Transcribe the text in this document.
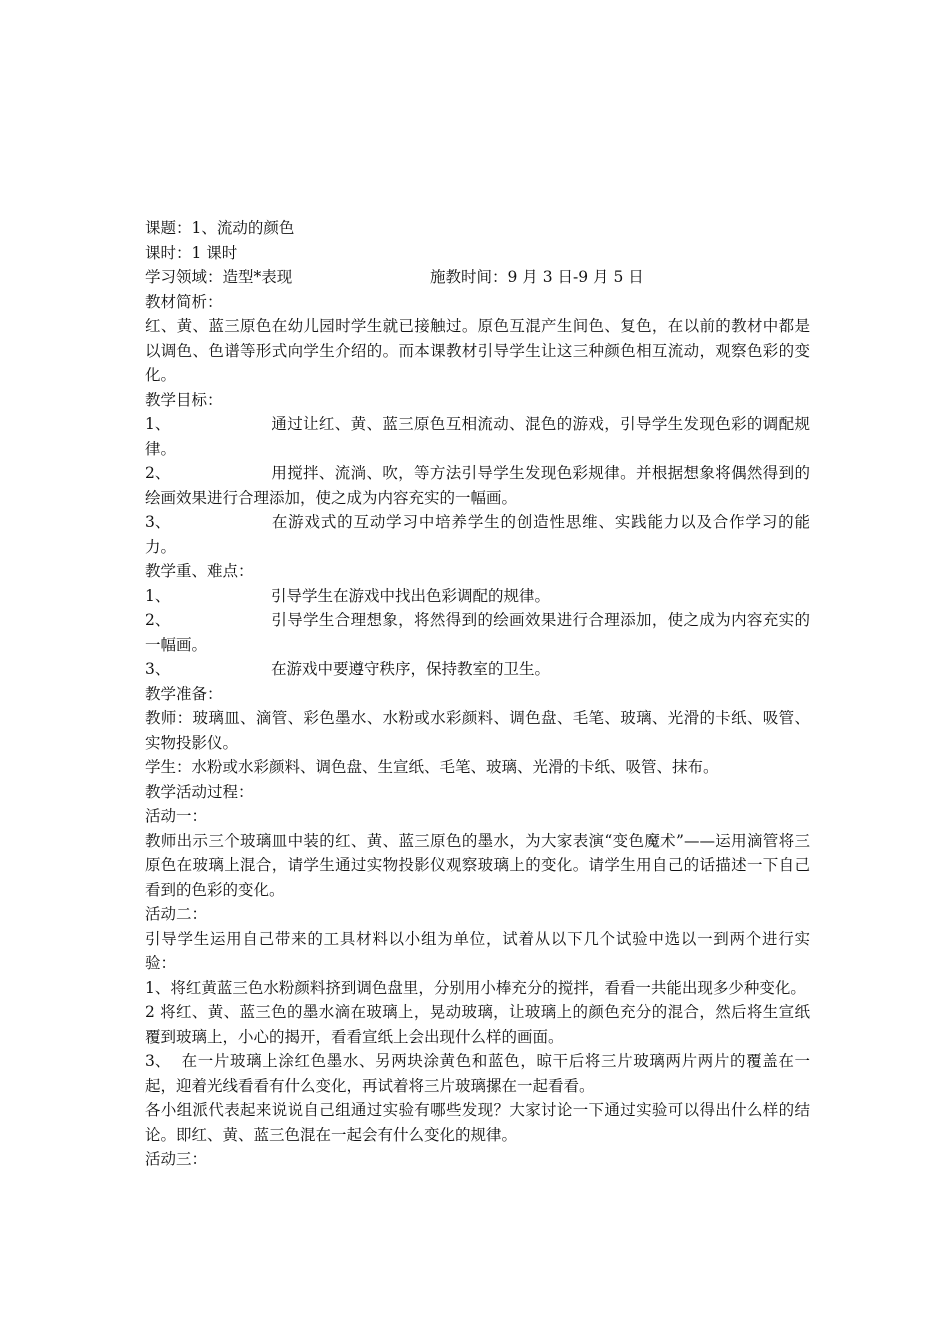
课题：1、流动的颜色

课时：1 课时

学习领域：造型*表现	施教时间：9 月 3 日-9 月 5 日

教材简析：

红、黄、蓝三原色在幼儿园时学生就已接触过。原色互混产生间色、复色，在以前的教材中都是以调色、色谱等形式向学生介绍的。而本课教材引导学生让这三种颜色相互流动，观察色彩的变化。

教学目标：

1、	通过让红、黄、蓝三原色互相流动、混色的游戏，引导学生发现色彩的调配规律。

2、	用搅拌、流淌、吹，等方法引导学生发现色彩规律。并根据想象将偶然得到的绘画效果进行合理添加，使之成为内容充实的一幅画。

3、	在游戏式的互动学习中培养学生的创造性思维、实践能力以及合作学习的能力。

教学重、难点：

1、	引导学生在游戏中找出色彩调配的规律。

2、	引导学生合理想象，将然得到的绘画效果进行合理添加，使之成为内容充实的一幅画。

3、	在游戏中要遵守秩序，保持教室的卫生。

教学准备：

教师：玻璃皿、滴管、彩色墨水、水粉或水彩颜料、调色盘、毛笔、玻璃、光滑的卡纸、吸管、实物投影仪。

学生：水粉或水彩颜料、调色盘、生宣纸、毛笔、玻璃、光滑的卡纸、吸管、抹布。

教学活动过程：

活动一：

教师出示三个玻璃皿中装的红、黄、蓝三原色的墨水，为大家表演“变色魔术”——运用滴管将三原色在玻璃上混合，请学生通过实物投影仪观察玻璃上的变化。请学生用自己的话描述一下自己看到的色彩的变化。

活动二：

引导学生运用自己带来的工具材料以小组为单位，试着从以下几个试验中选以一到两个进行实验：

1、将红黄蓝三色水粉颜料挤到调色盘里，分别用小棒充分的搅拌，看看一共能出现多少种变化。

2 将红、黄、蓝三色的墨水滴在玻璃上，晃动玻璃，让玻璃上的颜色充分的混合，然后将生宣纸覆到玻璃上，小心的揭开，看看宣纸上会出现什么样的画面。

3、 在一片玻璃上涂红色墨水、另两块涂黄色和蓝色，晾干后将三片玻璃两片两片的覆盖在一起，迎着光线看看有什么变化，再试着将三片玻璃摞在一起看看。

各小组派代表起来说说自己组通过实验有哪些发现？大家讨论一下通过实验可以得出什么样的结论。即红、黄、蓝三色混在一起会有什么变化的规律。

活动三：
